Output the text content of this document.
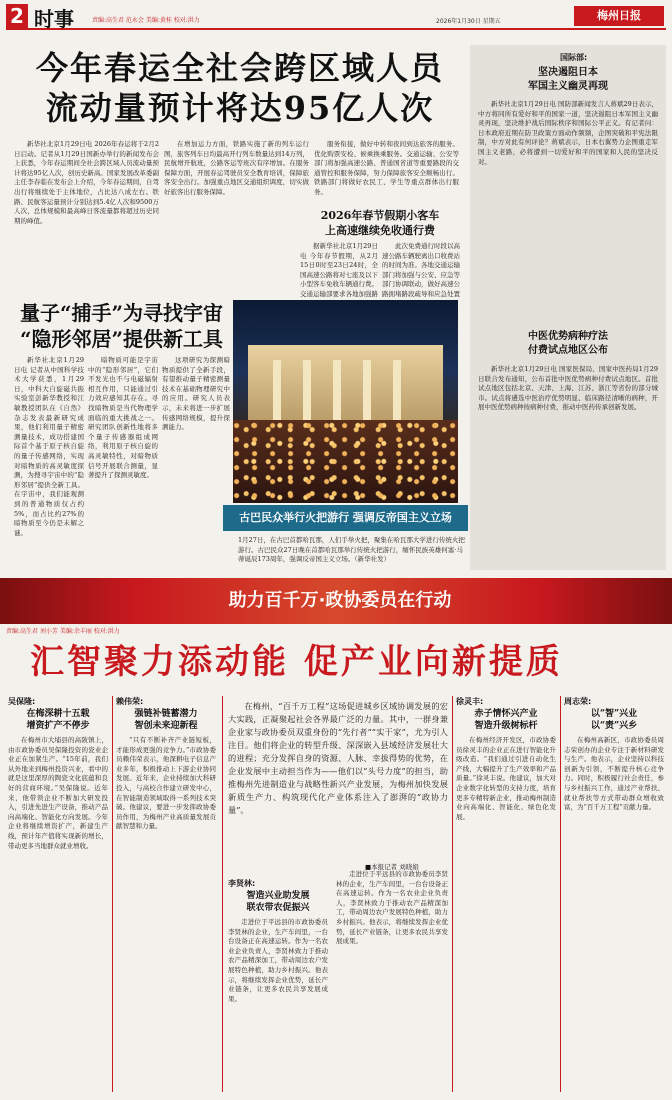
2 时事	责编:高生君 范永会 美编:黄桂 校对:洪力	2026年1月30日 星期五	梅州日报
今年春运全社会跨区域人员
流动量预计将达95亿人次

新华社北京1月29日电 2026年春运将于2月2日启动。记者从1月29日国新办举行的新闻发布会上获悉，今年春运期间全社会跨区域人员流动量预计将达95亿人次，创历史新高。国家发展改革委副主任李春临在发布会上介绍，今年春运期间，自驾出行将继续处于主体地位，占比达八成左右。铁路、民航客运量预计分别达到5.4亿人次和9500万人次，总体规模和最高峰日客流量都将超过历史同期的峰值。

在增加运力方面，铁路实施了新的列车运行图，旅客列车日均最高开行列车数量达到14万列，民航增开航班，公路客运等班次有序增加。在服务保障方面，开展春运驾驶员安全教育培训，保障旅客安全出行。加强重点地区交通组织调度，切实做好旅客出行服务保障。

服务衔接，做好中转和夜间到达旅客的服务。优化购票安检、候乘换乘服务。交通运输、公安等部门将加强高速公路、普通国省道等重要路段的交通管控和服务保障，努力保障旅客安全顺畅出行。铁路部门将做好农民工、学生等重点群体出行服务。

2026年春节假期小客车
上高速继续免收通行费

据新华社北京1月29日电 今年春节假期，从2月15日0时至23日24时，全国高速公路将对七座及以下小型客车免收车辆通行费。交通运输部要求各地加强路

此次免费通行时段以高速公路车辆驶离出口收费站的时间为准。各地交通运输部门将加强与公安、应急等部门协调联动，做好高速公路拥堵路段疏导和应急处置

量子“捕手”为寻找宇宙
“隐形邻居”提供新工具

新华社北京1月29日电 记者从中国科学技术大学获悉，1月29日，中科大自旋磁共振实验室彭新华教授和江敏教授团队在《自然》杂志发表最新研究成果，他们利用量子精密测量技术，成功搭建国际首个基于原子核自旋的量子传感网络，实现对暗物质的高灵敏度探测，为搜寻宇宙中的“隐形邻居”提供全新工具。在宇宙中，我们能观测到的普通物质仅占约5%，而占比约27%的暗物质至今仍是未解之谜。

暗物质可能是宇宙中的“隐形邻居”，它们不发光也不与电磁辐射相互作用，只能通过引力效应感知其存在。寻找暗物质是当代物理学面临的重大挑战之一。研究团队创新性地将多个量子传感器组成网络，利用原子核自旋的高灵敏特性，对暗物质信号开展联合测量，显著提升了探测灵敏度。

这项研究为探测暗物质提供了全新手段，有望推动量子精密测量技术在基础物理研究中的应用。研究人员表示，未来将进一步扩展传感网络规模，提升探测能力。

古巴民众举行火把游行 强调反帝国主义立场
1月27日，在古巴首都哈瓦那，人们手举火把，聚集在哈瓦那大学进行传统火把游行。古巴民众27日晚在首都哈瓦那举行传统火把游行，缅怀民族英雄何塞·马蒂诞辰173周年，强调反帝国主义立场。（新华社发）
国际部:
坚决遏阻日本
军国主义幽灵再现

新华社北京1月29日电 国防部新闻发言人蒋斌29日表示，中方将同所有爱好和平的国家一道，坚决遏阻日本军国主义幽灵再现，坚决维护战后国际秩序和国际公平正义。有记者问：日本政府近期在防卫政策方面动作频频，企图突破和平宪法限制，中方对此有何评论？蒋斌表示，日本右翼势力企图重走军国主义老路，必将遭到一切爱好和平的国家和人民的坚决反对。

中医优势病种疗法
付费试点地区公布

新华社北京1月29日电 国家医保局、国家中医药局1月29日联合发布通知，公布首批中医优势病种付费试点地区。首批试点地区包括北京、天津、上海、江苏、浙江等省份的部分城市。试点将遴选中医治疗优势明显、临床路径清晰的病种，开展中医优势病种按病种付费，推动中医药传承创新发展。

助力百千万·政协委员在行动
责编:高生君 刘小芳 美编:余丰丽 校对:洪力
汇智聚力添动能 促产业向新提质
吴保隆:
在梅深耕十五载
增资扩产不停步

在梅州市大埔县的高陂镇上，由市政协委员吴保隆投资的瓷业企业正在加紧生产。“15年前，我们从外地来到梅州投资兴业，看中的就是这里深厚的陶瓷文化底蕴和良好的营商环境。”吴保隆说。近年来，他带领企业不断加大研发投入，引进先进生产设备，推动产品向高端化、智能化方向发展。今年企业将继续增资扩产，新建生产线，预计年产值将实现新的增长，带动更多当地群众就业增收。

赖伟荣:
强链补链蓄潜力
智创未来迎新程

“只有不断补齐产业链短板，才能形成更强的竞争力。”市政协委员赖伟荣表示，他深耕电子信息产业多年，积极推动上下游企业协同发展。近年来，企业持续加大科研投入，与高校合作建立研发中心，在智能制造领域取得一系列技术突破。他建议，要进一步发挥政协委员作用，为梅州产业高质量发展贡献智慧和力量。

在梅州，“百千万工程”这场促进城乡区域协调发展的宏大实践，正凝聚起社会各界最广泛的力量。其中，一群身兼企业家与政协委员双重身份的“先行者”“实干家”，尤为引人注目。他们将企业的转型升级、深深嵌入县域经济发展壮大的进程；充分发挥自身的资源、人脉、幸拔得势的优势，在企业发展中主动担当作为——他们以“头号力度”的担当，助推梅州先进制造业与战略性新兴产业发展，为梅州加快发展新质生产力、构筑现代化产业体系注入了澎湃的“政协力量”。

■本报记者 刘晓娟
李贤林:
智造兴业助发展
联农带农促振兴

走进位于平远县的市政协委员李贤林的企业，生产车间里，一台台设备正在高速运转。作为一名农业企业负责人，李贤林致力于推动农产品精深加工，带动周边农户发展特色种植，助力乡村振兴。他表示，将继续发挥企业优势，延长产业链条，让更多农民共享发展成果。

走进位于平远县的市政协委员李贤林的企业，生产车间里，一台台设备正在高速运转。作为一名农业企业负责人，李贤林致力于推动农产品精深加工，带动周边农户发展特色种植，助力乡村振兴。他表示，将继续发挥企业优势，延长产业链条，让更多农民共享发展成果。

徐灵丰:
赤子情怀兴产业
智造升级树标杆

在梅州经济开发区，市政协委员徐灵丰的企业正在进行智能化升级改造。“我们通过引进自动化生产线，大幅提升了生产效率和产品质量。”徐灵丰说。他建议，加大对企业数字化转型的支持力度，培育更多专精特新企业，推动梅州制造业向高端化、智能化、绿色化发展。

周志荣:
以“智”兴业
以“责”兴乡

在梅州高新区，市政协委员周志荣创办的企业专注于新材料研发与生产。他表示，企业坚持以科技创新为引领，不断提升核心竞争力。同时，积极履行社会责任，参与乡村振兴工作，通过产业帮扶、就业帮扶等方式带动群众增收致富，为“百千万工程”贡献力量。
